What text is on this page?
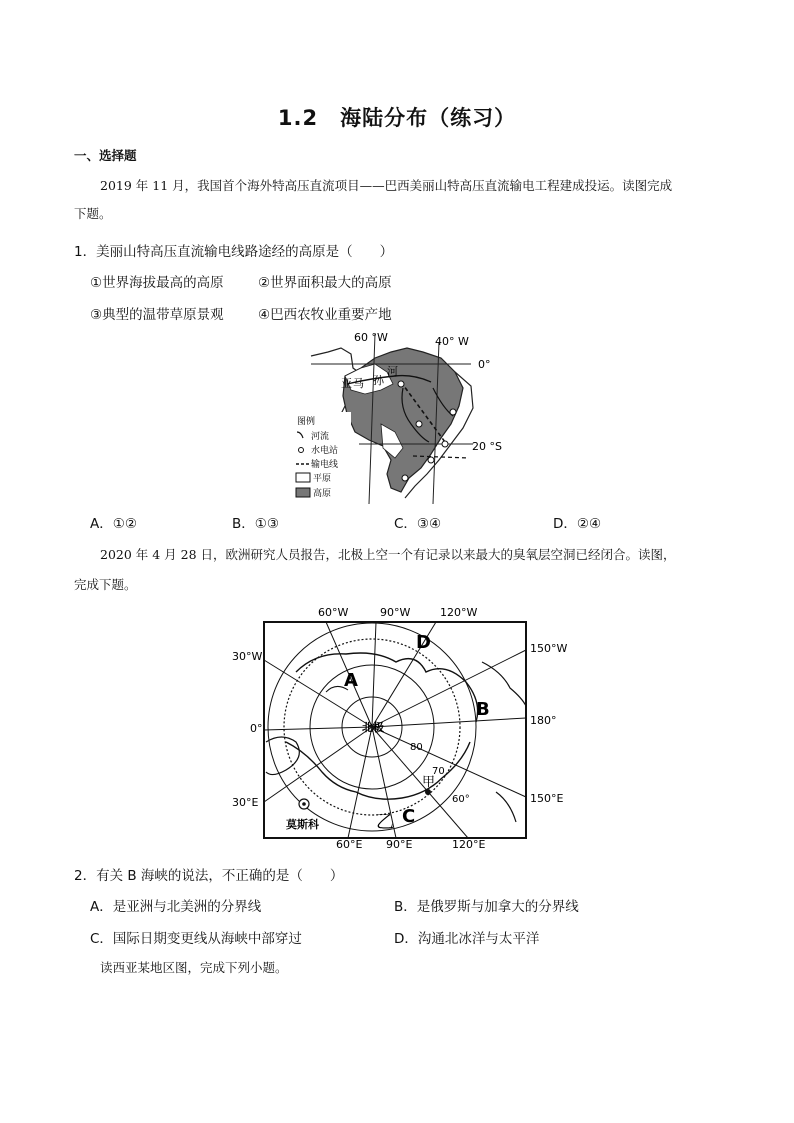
1.2　海陆分布（练习）
一、选择题
2019 年 11 月，我国首个海外特高压直流项目——巴西美丽山特高压直流输电工程建成投运。读图完成
下题。
1．美丽山特高压直流输电线路途经的高原是（　　）
①世界海拔最高的高原	②世界面积最大的高原
③典型的温带草原景观	④巴西农牧业重要产地
60 °W	40° W
0°
20 °S
亚 马 孙
河
图例
河流
水电站
输电线
平原
高原
A．①②	B．①③	C．③④	D．②④
2020 年 4 月 28 日，欧洲研究人员报告，北极上空一个有记录以来最大的臭氧层空洞已经闭合。读图，
完成下题。
60°W	90°W	120°W
30°W
0°
30°E
150°W
180°
150°E
60°E 90°E	120°E
北极
80
70
60°
A
B
C
D
甲
乙
莫斯科
2．有关 B 海峡的说法，不正确的是（　　）
A．是亚洲与北美洲的分界线	B．是俄罗斯与加拿大的分界线
C．国际日期变更线从海峡中部穿过	D．沟通北冰洋与太平洋
读西亚某地区图，完成下列小题。
